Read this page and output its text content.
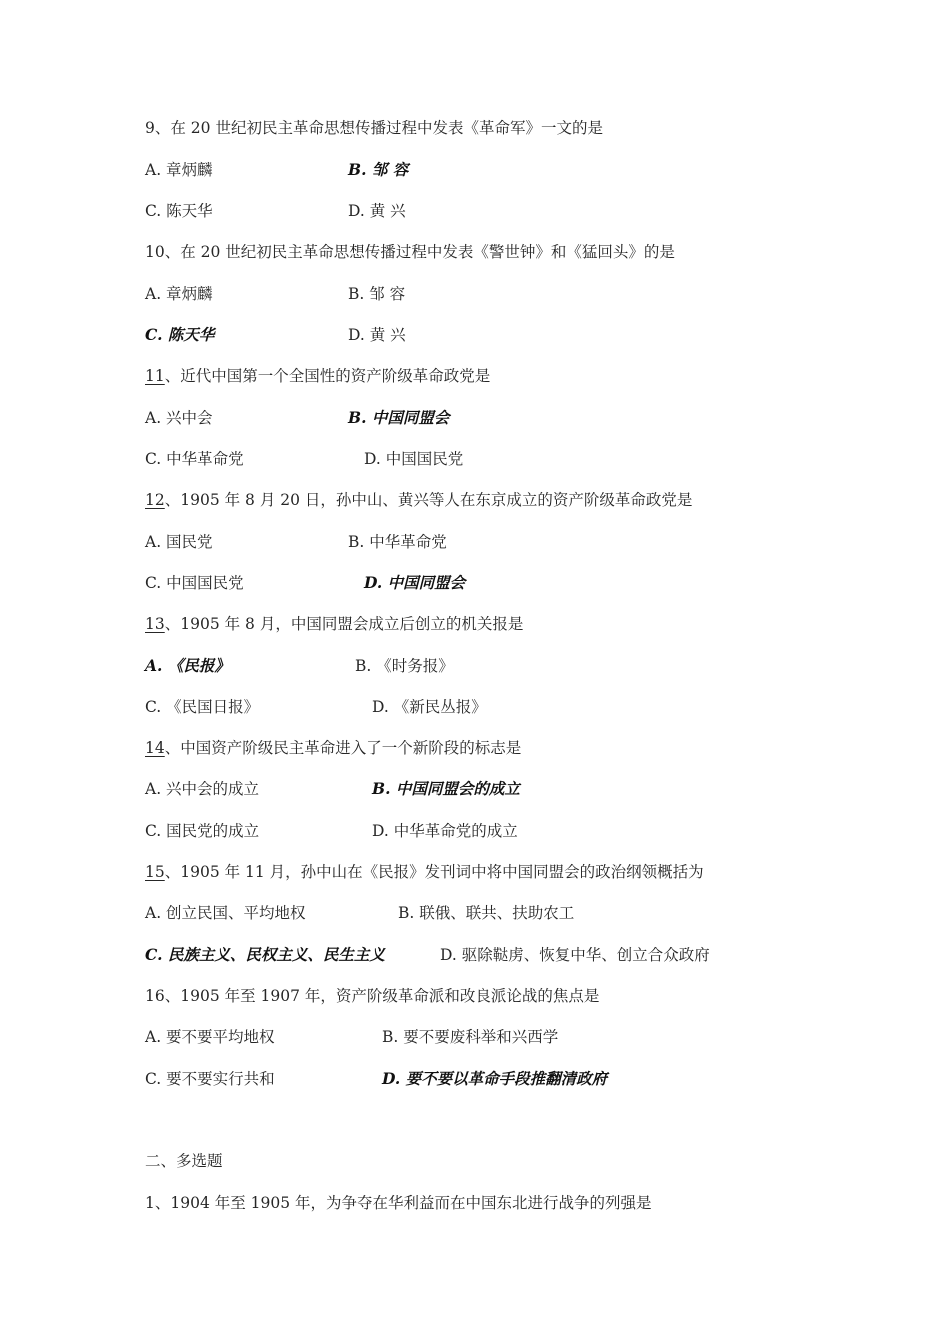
9、在 20 世纪初民主革命思想传播过程中发表《革命军》一文的是
A. 章炳麟	B. 邹 容
C. 陈天华	D. 黄 兴
10、在 20 世纪初民主革命思想传播过程中发表《警世钟》和《猛回头》的是
A. 章炳麟	B. 邹 容
C. 陈天华	D. 黄 兴
11、近代中国第一个全国性的资产阶级革命政党是
A. 兴中会	B. 中国同盟会
C. 中华革命党	D. 中国国民党
12、1905 年 8 月 20 日，孙中山、黄兴等人在东京成立的资产阶级革命政党是
A. 国民党	B. 中华革命党
C. 中国国民党	D. 中国同盟会
13、1905 年 8 月，中国同盟会成立后创立的机关报是
A. 《民报》	B. 《时务报》
C. 《民国日报》	D. 《新民丛报》
14、中国资产阶级民主革命进入了一个新阶段的标志是
A. 兴中会的成立	B. 中国同盟会的成立
C. 国民党的成立	D. 中华革命党的成立
15、1905 年 11 月，孙中山在《民报》发刊词中将中国同盟会的政治纲领概括为
A. 创立民国、平均地权	B. 联俄、联共、扶助农工
C. 民族主义、民权主义、民生主义	D. 驱除鞑虏、恢复中华、创立合众政府
16、1905 年至 1907 年，资产阶级革命派和改良派论战的焦点是
A. 要不要平均地权	B. 要不要废科举和兴西学
C. 要不要实行共和	D. 要不要以革命手段推翻清政府
二、多选题
1、1904 年至 1905 年，为争夺在华利益而在中国东北进行战争的列强是
